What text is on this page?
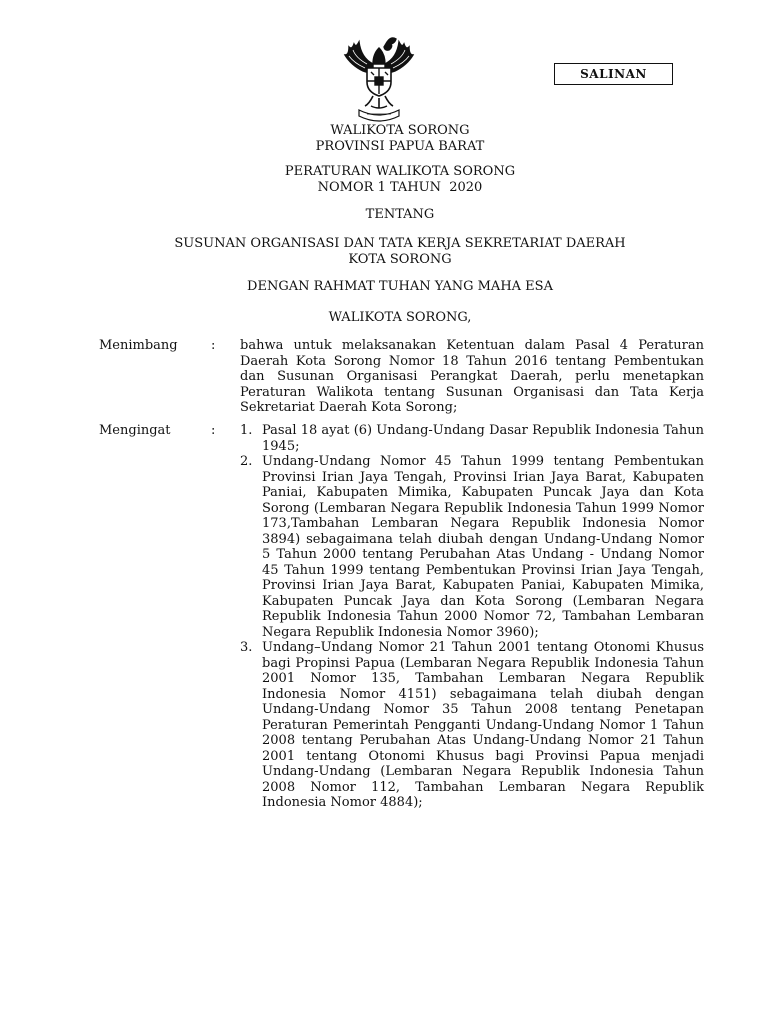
SALINAN
WALIKOTA SORONG
PROVINSI PAPUA BARAT
PERATURAN WALIKOTA SORONG
NOMOR 1 TAHUN  2020
TENTANG
SUSUNAN ORGANISASI DAN TATA KERJA SEKRETARIAT DAERAH
KOTA SORONG
DENGAN RAHMAT TUHAN YANG MAHA ESA
WALIKOTA SORONG,
Menimbang	: bahwa untuk melaksanakan Ketentuan dalam Pasal 4 Peraturan Daerah Kota Sorong Nomor 18 Tahun 2016 tentang Pembentukan dan Susunan Organisasi Perangkat Daerah, perlu menetapkan Peraturan Walikota tentang Susunan Organisasi dan Tata Kerja Sekretariat Daerah Kota Sorong;
Mengingat	: 1. Pasal 18 ayat (6) Undang-Undang Dasar Republik Indonesia Tahun 1945;
2. Undang-Undang Nomor 45 Tahun 1999 tentang Pembentukan Provinsi Irian Jaya Tengah, Provinsi Irian Jaya Barat, Kabupaten Paniai, Kabupaten Mimika, Kabupaten Puncak Jaya dan Kota Sorong (Lembaran Negara Republik Indonesia Tahun 1999 Nomor 173,Tambahan Lembaran Negara Republik Indonesia Nomor 3894) sebagaimana telah diubah dengan Undang-Undang Nomor 5 Tahun 2000 tentang Perubahan Atas Undang - Undang Nomor 45 Tahun 1999 tentang Pembentukan Provinsi Irian Jaya Tengah, Provinsi Irian Jaya Barat, Kabupaten Paniai, Kabupaten Mimika, Kabupaten Puncak Jaya dan Kota Sorong (Lembaran Negara Republik Indonesia Tahun 2000 Nomor 72, Tambahan Lembaran Negara Republik Indonesia Nomor 3960);
3. Undang–Undang Nomor 21 Tahun 2001 tentang Otonomi Khusus bagi Propinsi Papua (Lembaran Negara Republik Indonesia Tahun 2001 Nomor 135, Tambahan Lembaran Negara Republik Indonesia Nomor 4151) sebagaimana telah diubah dengan Undang-Undang Nomor 35 Tahun 2008 tentang Penetapan Peraturan Pemerintah Pengganti Undang-Undang Nomor 1 Tahun 2008 tentang Perubahan Atas Undang-Undang Nomor 21 Tahun 2001 tentang Otonomi Khusus bagi Provinsi Papua menjadi Undang-Undang (Lembaran Negara Republik Indonesia Tahun 2008 Nomor 112, Tambahan Lembaran Negara Republik Indonesia Nomor 4884);
